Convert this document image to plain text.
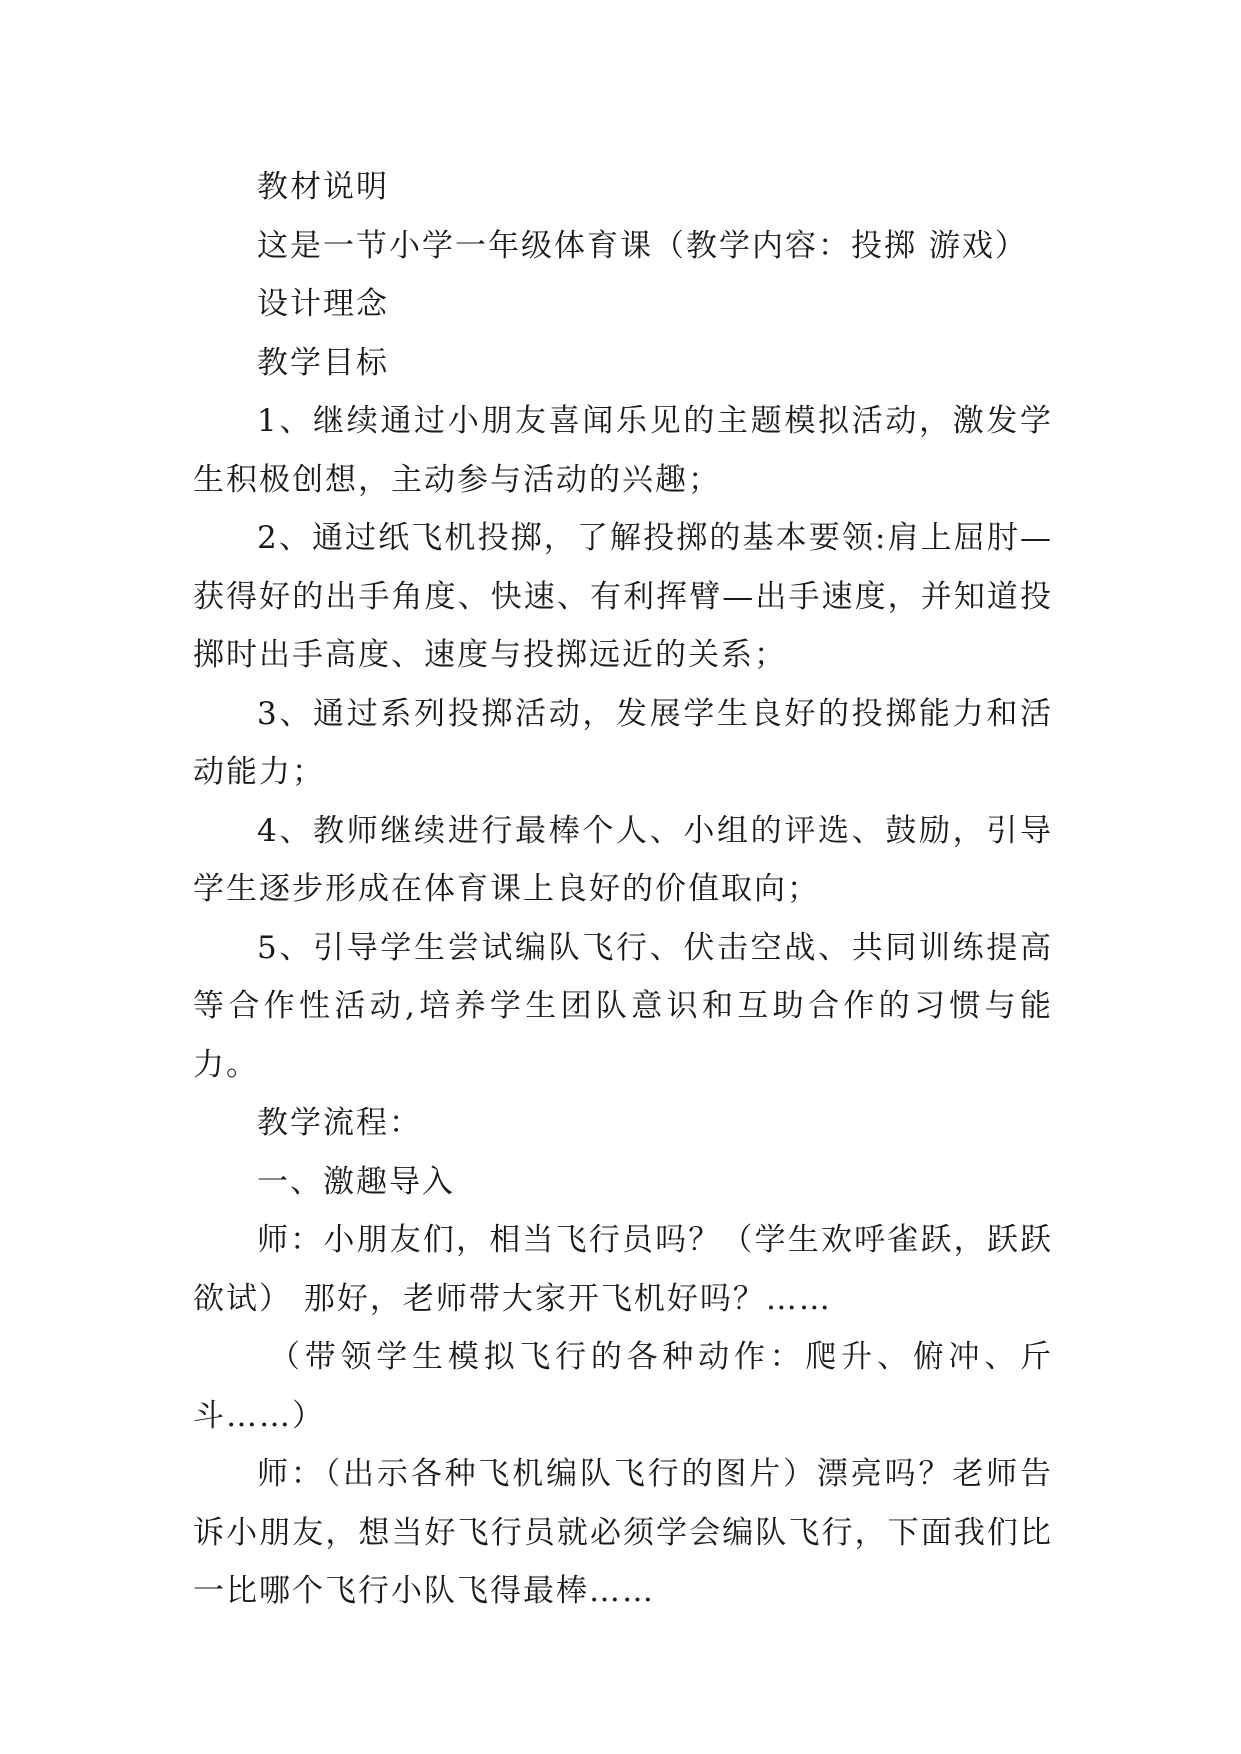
教材说明

这是一节小学一年级体育课（教学内容：投掷 游戏）

设计理念

教学目标

1、继续通过小朋友喜闻乐见的主题模拟活动，激发学生积极创想，主动参与活动的兴趣；

2、通过纸飞机投掷，了解投掷的基本要领:肩上屈肘—获得好的出手角度、快速、有利挥臂—出手速度，并知道投掷时出手高度、速度与投掷远近的关系；

3、通过系列投掷活动，发展学生良好的投掷能力和活动能力；

4、教师继续进行最棒个人、小组的评选、鼓励，引导学生逐步形成在体育课上良好的价值取向；

5、引导学生尝试编队飞行、伏击空战、共同训练提高等合作性活动,培养学生团队意识和互助合作的习惯与能力。

教学流程：

一、激趣导入

师：小朋友们，相当飞行员吗？（学生欢呼雀跃，跃跃欲试） 那好，老师带大家开飞机好吗？……

（带领学生模拟飞行的各种动作：爬升、俯冲、斤斗……）

师：（出示各种飞机编队飞行的图片）漂亮吗？老师告诉小朋友，想当好飞行员就必须学会编队飞行，下面我们比一比哪个飞行小队飞得最棒……
